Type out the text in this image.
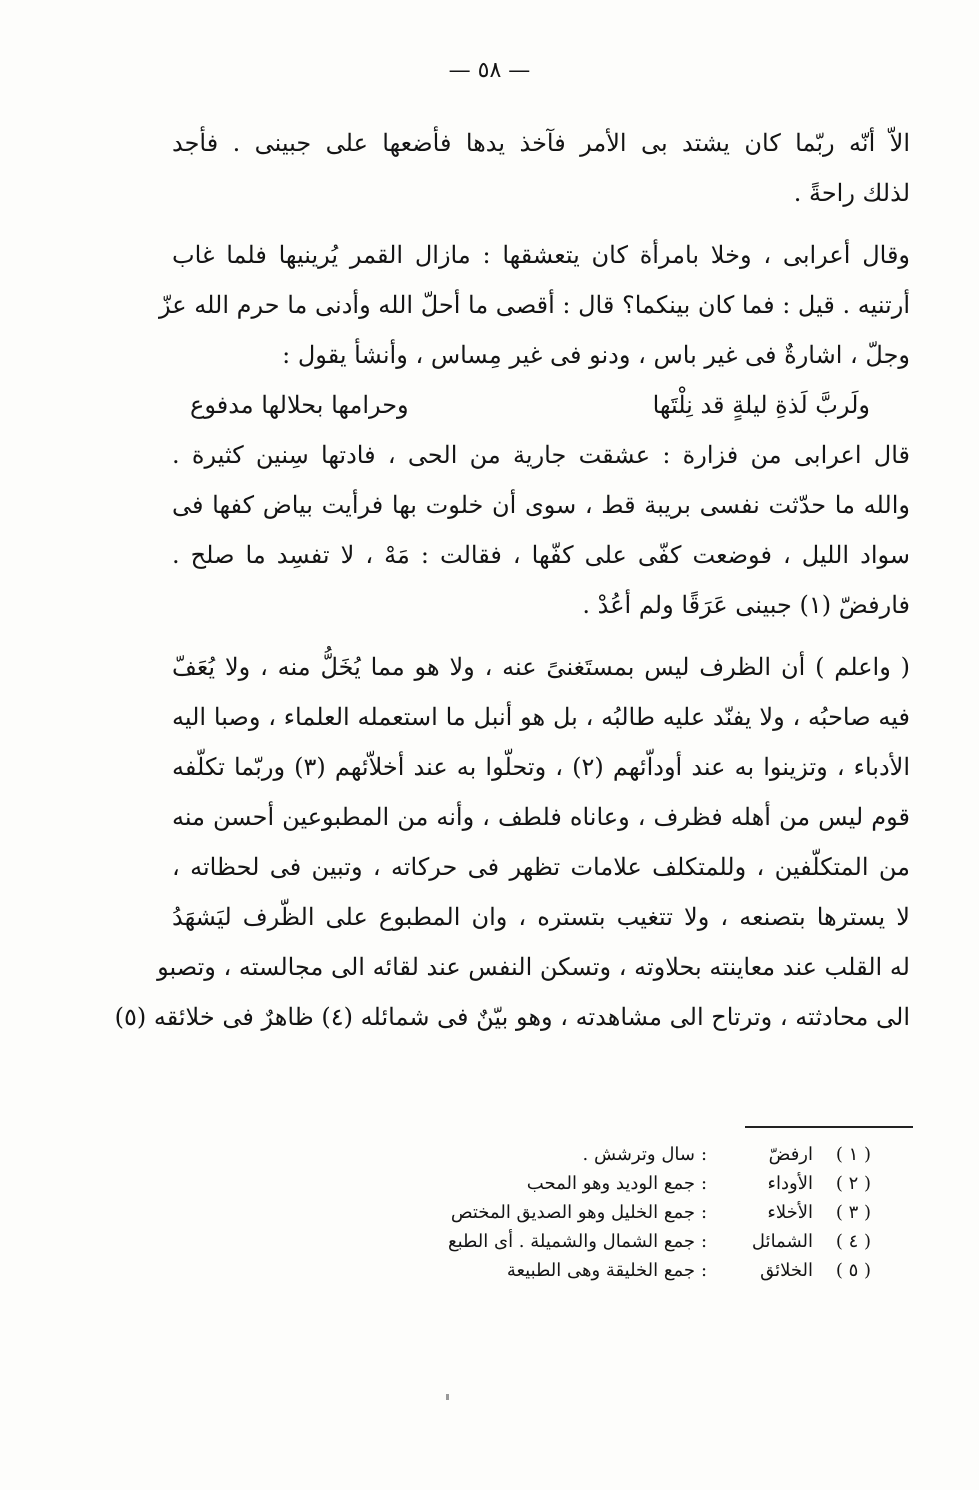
— ٥٨ —
الاّ أنّه ربّما كان يشتد بى الأمر فآخذ يدها فأضعها على جبينى . فأجد
لذلك راحةً .
وقال أعرابى ، وخلا بامرأة كان يتعشقها : مازال القمر يُرينيها فلما غاب
أرتنيه . قيل : فما كان بينكما؟ قال : أقصى ما أحلّ الله وأدنى ما حرم الله عزّ
وجلّ ، اشارةٌ فى غير باس ، ودنو فى غير مِساس ، وأنشأ يقول :
ولَربَّ لَذةِ ليلةٍ قد نِلْتَها
وحرامها بحلالها مدفوع
قال اعرابى من فزارة : عشقت جارية من الحى ، فادتها سِنين كثيرة .
والله ما حدّثت نفسى بريبة قط ، سوى أن خلوت بها فرأيت بياض كفها فى
سواد الليل ، فوضعت كفّى على كفّها ، فقالت : مَهْ ، لا تفسِد ما صلح .
فارفضّ (١) جبينى عَرَقًا ولم أعُدْ .
( واعلم ) أن الظرف ليس بمستَغنىً عنه ، ولا هو مما يُخَلُّ منه ، ولا يُعَفّ
فيه صاحبُه ، ولا يفنّد عليه طالبُه ، بل هو أنبل ما استعمله العلماء ، وصبا اليه
الأدباء ، وتزينوا به عند أوداّئهم (٢) ، وتحلّوا به عند أخلاّئهم (٣) وربّما تكلّفه
قوم ليس من أهله فظرف ، وعاناه فلطف ، وأنه من المطبوعين أحسن منه
من المتكلّفين ، وللمتكلف علامات تظهر فى حركاته ، وتبين فى لحظاته ،
لا يسترها بتصنعه ، ولا تتغيب بتستره ، وان المطبوع على الظّرف ليَشهَدُ
له القلب عند معاينته بحلاوته ، وتسكن النفس عند لقائه الى مجالسته ، وتصبو
الى محادثته ، وترتاح الى مشاهدته ، وهو بيّنٌ فى شمائله (٤) ظاهرٌ فى خلائقه (٥)
( ١ )
ارفضّ
:
سال وترشش .
( ٢ )
الأوداء
:
جمع الوديد وهو المحب
( ٣ )
الأخلاء
:
جمع الخليل وهو الصديق المختص
( ٤ )
الشمائل
:
جمع الشمال والشميلة . أى الطبع
( ٥ )
الخلائق
:
جمع الخليقة وهى الطبيعة
